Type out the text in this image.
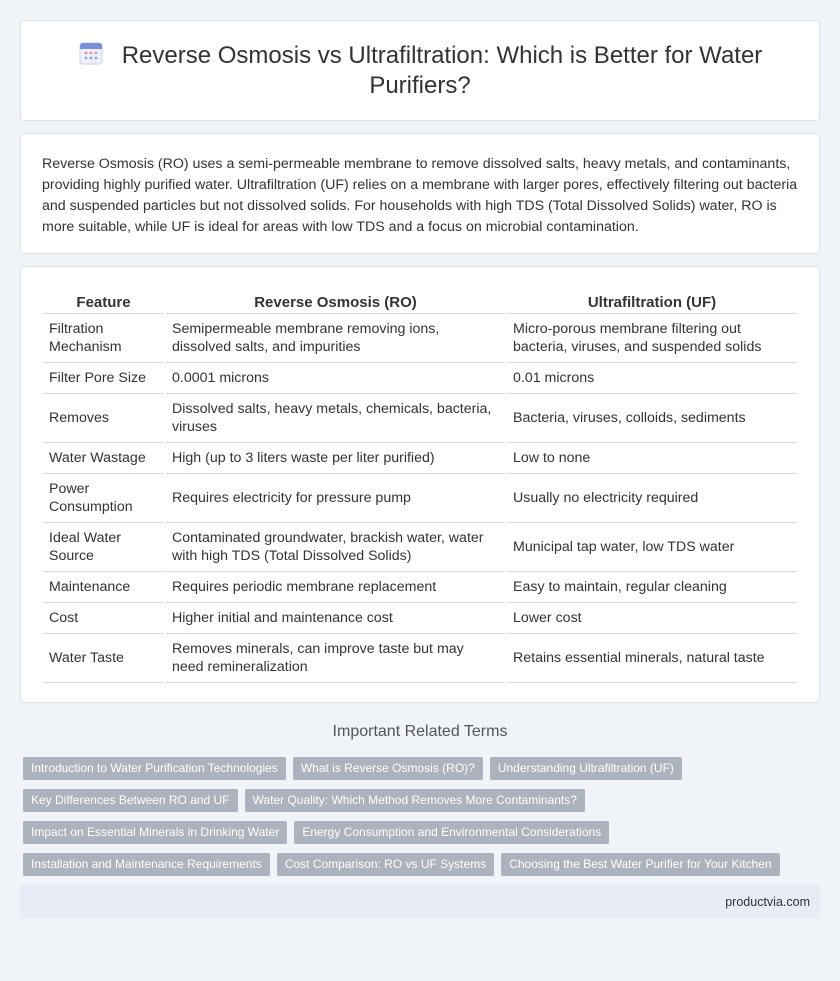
Reverse Osmosis vs Ultrafiltration: Which is Better for Water Purifiers?
Reverse Osmosis (RO) uses a semi-permeable membrane to remove dissolved salts, heavy metals, and contaminants, providing highly purified water. Ultrafiltration (UF) relies on a membrane with larger pores, effectively filtering out bacteria and suspended particles but not dissolved solids. For households with high TDS (Total Dissolved Solids) water, RO is more suitable, while UF is ideal for areas with low TDS and a focus on microbial contamination.
Feature	Reverse Osmosis (RO)	Ultrafiltration (UF)
Filtration Mechanism	Semipermeable membrane removing ions, dissolved salts, and impurities	Micro-porous membrane filtering out bacteria, viruses, and suspended solids
Filter Pore Size	0.0001 microns	0.01 microns
Removes	Dissolved salts, heavy metals, chemicals, bacteria, viruses	Bacteria, viruses, colloids, sediments
Water Wastage	High (up to 3 liters waste per liter purified)	Low to none
Power Consumption	Requires electricity for pressure pump	Usually no electricity required
Ideal Water Source	Contaminated groundwater, brackish water, water with high TDS (Total Dissolved Solids)	Municipal tap water, low TDS water
Maintenance	Requires periodic membrane replacement	Easy to maintain, regular cleaning
Cost	Higher initial and maintenance cost	Lower cost
Water Taste	Removes minerals, can improve taste but may need remineralization	Retains essential minerals, natural taste
Important Related Terms
Introduction to Water Purification Technologies	What is Reverse Osmosis (RO)?	Understanding Ultrafiltration (UF)
Key Differences Between RO and UF	Water Quality: Which Method Removes More Contaminants?
Impact on Essential Minerals in Drinking Water	Energy Consumption and Environmental Considerations
Installation and Maintenance Requirements	Cost Comparison: RO vs UF Systems	Choosing the Best Water Purifier for Your Kitchen
productvia.com
